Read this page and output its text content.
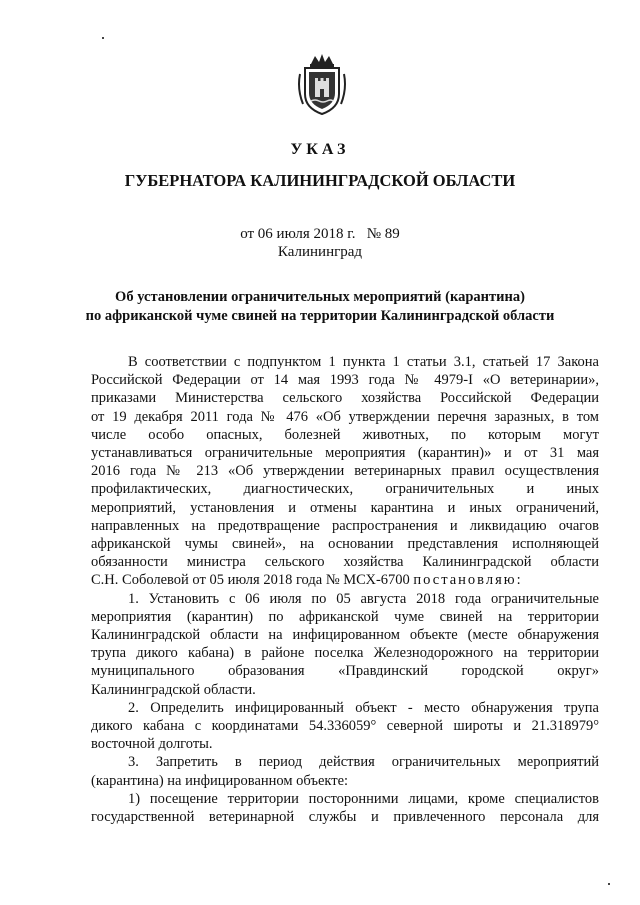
УКАЗ
ГУБЕРНАТОРА КАЛИНИНГРАДСКОЙ ОБЛАСТИ
от 06 июля 2018 г. № 89
Калининград
Об установлении ограничительных мероприятий (карантина)
по африканской чуме свиней на территории Калининградской области

В соответствии с подпунктом 1 пункта 1 статьи 3.1, статьей 17 Закона

Российской Федерации от 14 мая 1993 года № 4979-I «О ветеринарии»,

приказами Министерства сельского хозяйства Российской Федерации

от 19 декабря 2011 года № 476 «Об утверждении перечня заразных, в том

числе особо опасных, болезней животных, по которым могут

устанавливаться ограничительные мероприятия (карантин)» и от 31 мая

2016 года № 213 «Об утверждении ветеринарных правил осуществления

профилактических, диагностических, ограничительных и иных

мероприятий, установления и отмены карантина и иных ограничений,

направленных на предотвращение распространения и ликвидацию очагов

африканской чумы свиней», на основании представления исполняющей

обязанности министра сельского хозяйства Калининградской области

С.Н. Соболевой от 05 июля 2018 года № МСХ-6700 постановляю:

1. Установить с 06 июля по 05 августа 2018 года ограничительные

мероприятия (карантин) по африканской чуме свиней на территории

Калининградской области на инфицированном объекте (месте обнаружения

трупа дикого кабана) в районе поселка Железнодорожного на территории

муниципального образования «Правдинский городской округ»

Калининградской области.

2. Определить инфицированный объект - место обнаружения трупа

дикого кабана с координатами 54.336059° северной широты и 21.318979°

восточной долготы.

3. Запретить в период действия ограничительных мероприятий

(карантина) на инфицированном объекте:

1) посещение территории посторонними лицами, кроме специалистов

государственной ветеринарной службы и привлеченного персонала для
